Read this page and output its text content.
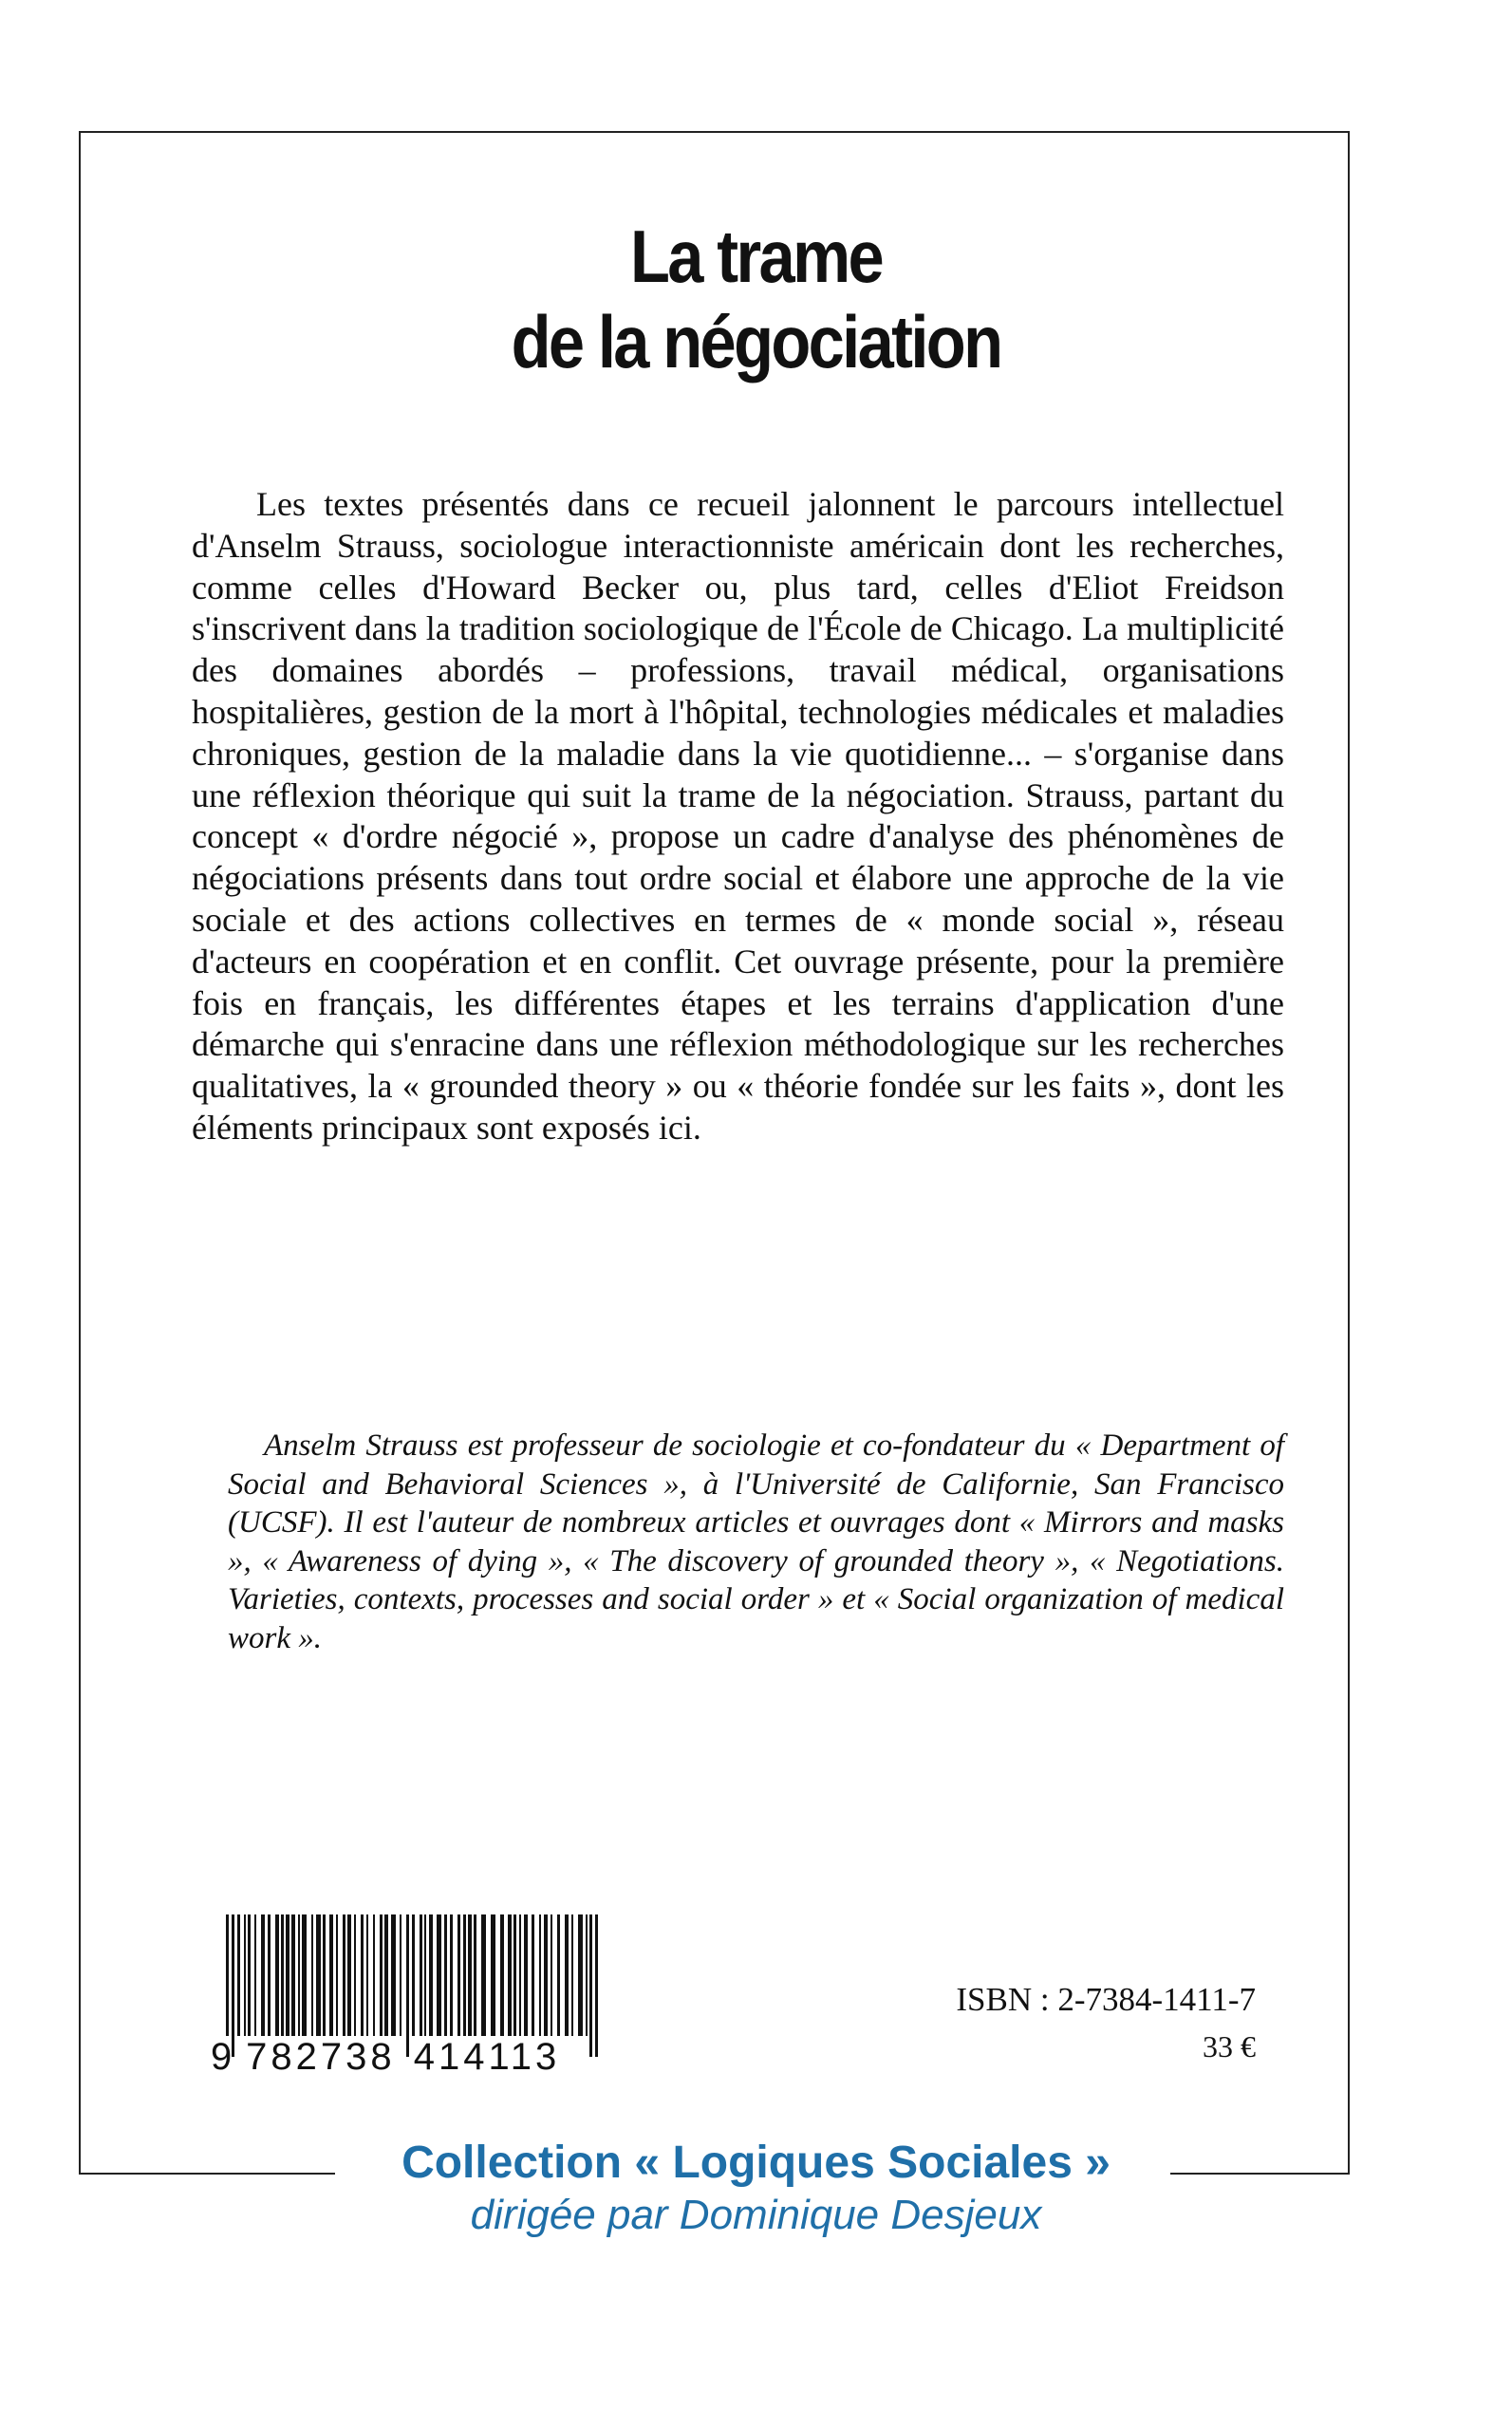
La trame
de la négociation

Les textes présentés dans ce recueil jalonnent le parcours intellectuel d'Anselm Strauss, sociologue interactionniste américain dont les recherches, comme celles d'Howard Becker ou, plus tard, celles d'Eliot Freidson s'inscrivent dans la tradition sociologique de l'École de Chicago. La multiplicité des domaines abordés – professions, travail médical, organisations hospitalières, gestion de la mort à l'hôpital, technologies médicales et maladies chroniques, gestion de la maladie dans la vie quotidienne... – s'organise dans une réflexion théorique qui suit la trame de la négociation. Strauss, partant du concept « d'ordre négocié », propose un cadre d'analyse des phénomènes de négociations présents dans tout ordre social et élabore une approche de la vie sociale et des actions collectives en termes de « monde social », réseau d'acteurs en coopération et en conflit. Cet ouvrage présente, pour la première fois en français, les différentes étapes et les terrains d'application d'une démarche qui s'enracine dans une réflexion méthodologique sur les recherches qualitatives, la « grounded theory » ou « théorie fondée sur les faits », dont les éléments principaux sont exposés ici.

Anselm Strauss est professeur de sociologie et co-fondateur du « Department of Social and Behavioral Sciences », à l'Université de Californie, San Francisco (UCSF). Il est l'auteur de nombreux articles et ouvrages dont « Mirrors and masks », « Awareness of dying », « The discovery of grounded theory », « Negotiations. Varieties, contexts, processes and social order » et « Social organization of medical work ».

9 782738 414113

ISBN : 2-7384-1411-7

33 €

Collection « Logiques Sociales »
dirigée par Dominique Desjeux
